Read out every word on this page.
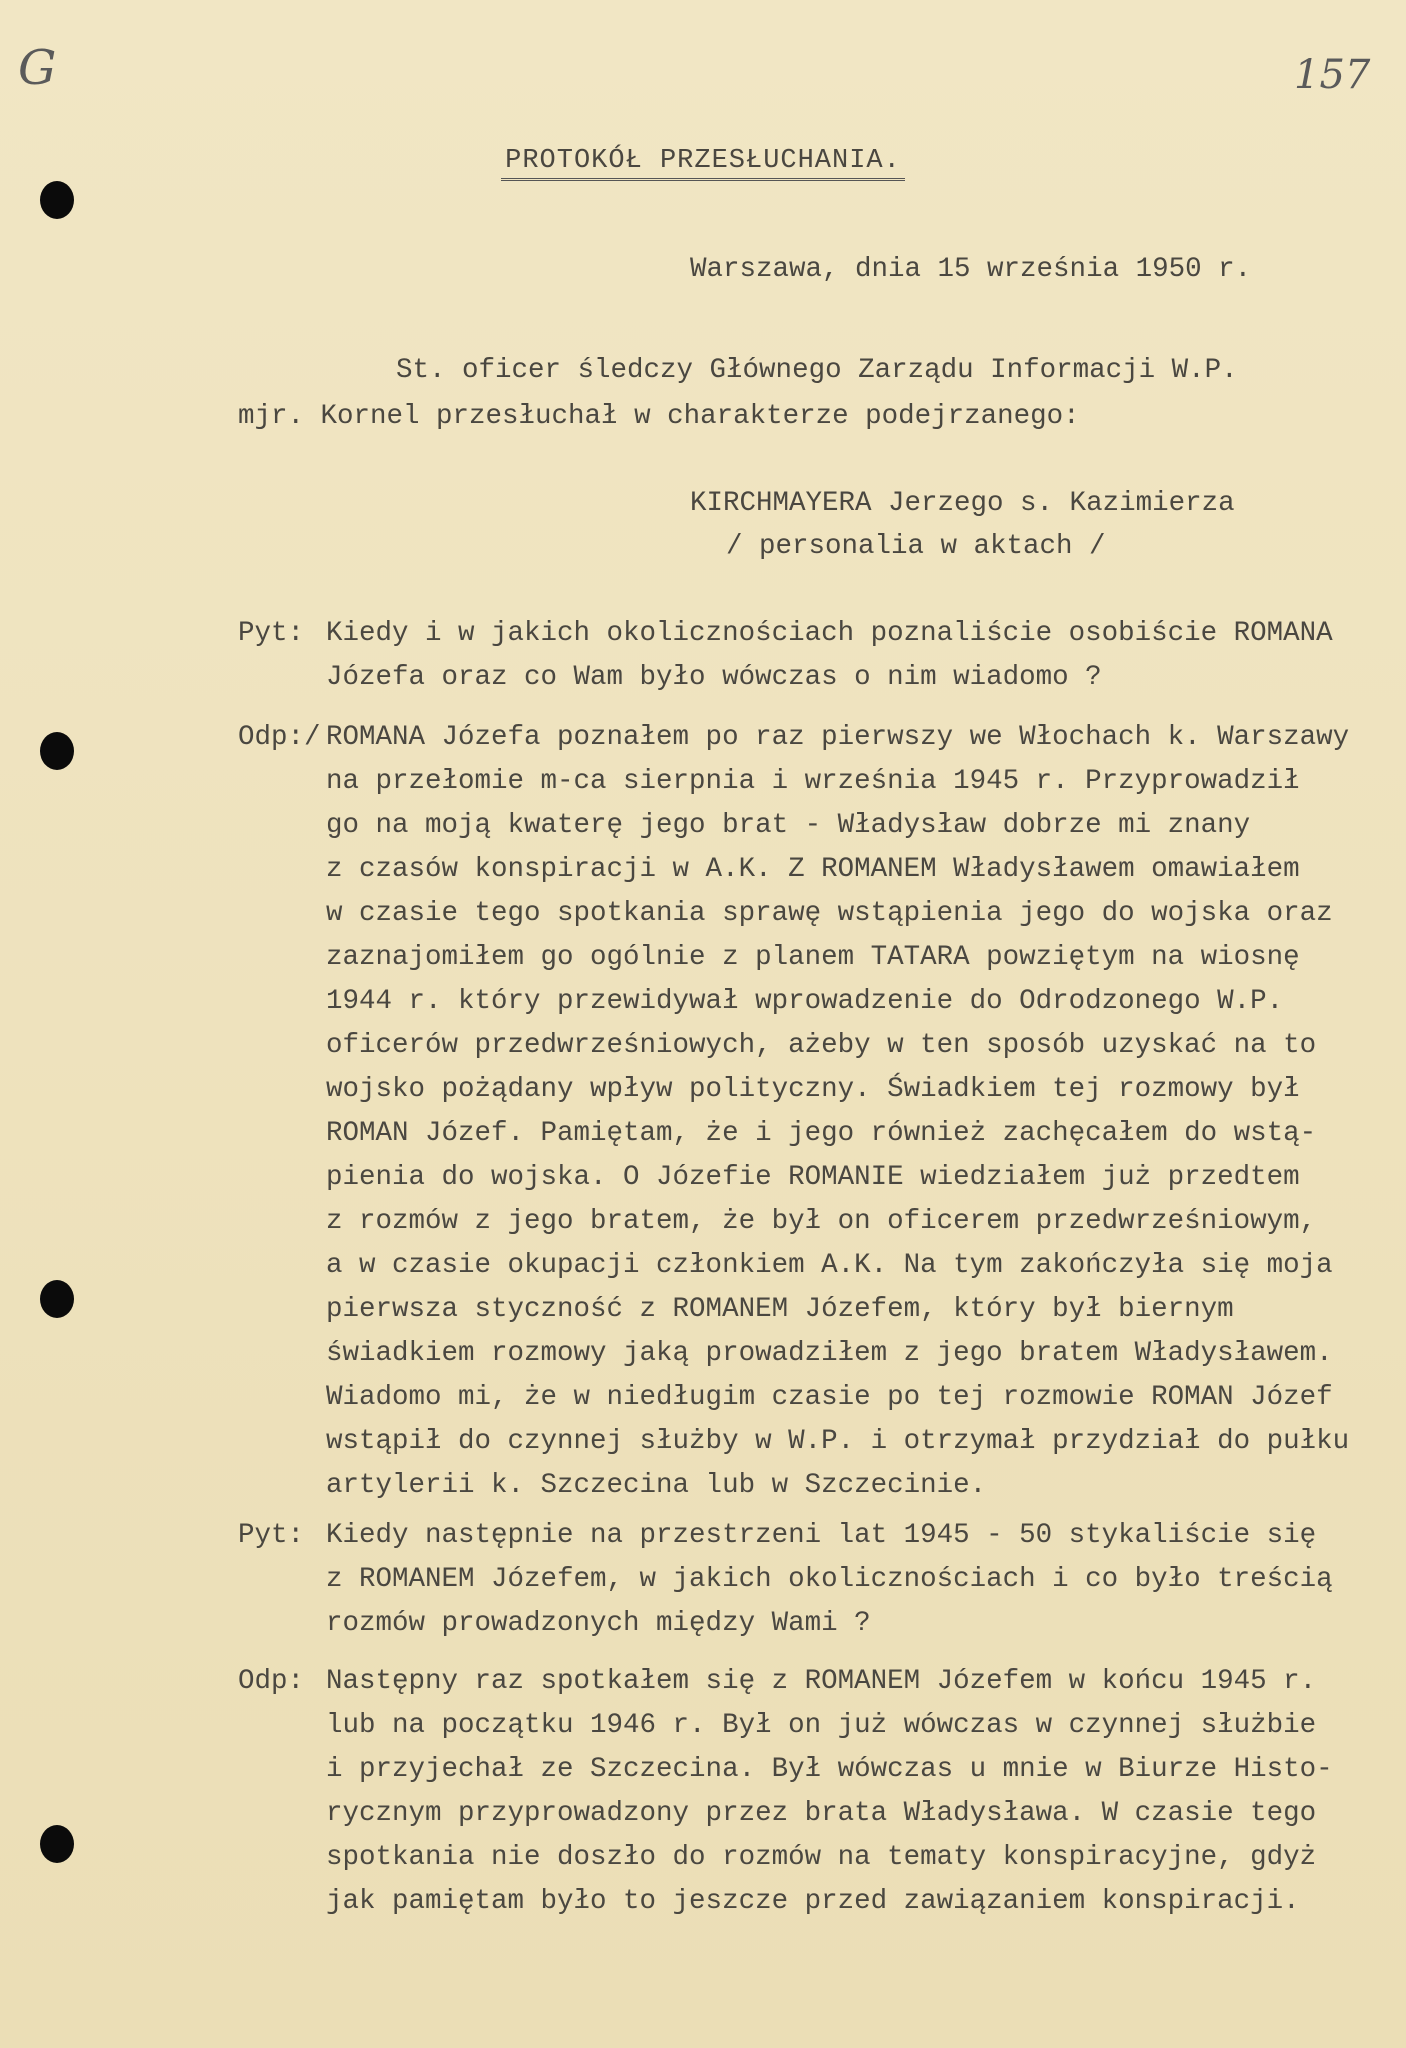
G	157
PROTOKÓŁ PRZESŁUCHANIA.
Warszawa, dnia 15 września 1950 r.
St. oficer śledczy Głównego Zarządu Informacji W.P.
mjr. Kornel przesłuchał w charakterze podejrzanego:
KIRCHMAYERA Jerzego s. Kazimierza
/ personalia w aktach /
Pyt: Kiedy i w jakich okolicznościach poznaliście osobiście ROMANA
Józefa oraz co Wam było wówczas o nim wiadomo ?
Odp:/ ROMANA Józefa poznałem po raz pierwszy we Włochach k. Warszawy
na przełomie m-ca sierpnia i września 1945 r. Przyprowadził
go na moją kwaterę jego brat - Władysław dobrze mi znany
z czasów konspiracji w A.K. Z ROMANEM Władysławem omawiałem
w czasie tego spotkania sprawę wstąpienia jego do wojska oraz
zaznajomiłem go ogólnie z planem TATARA powziętym na wiosnę
1944 r. który przewidywał wprowadzenie do Odrodzonego W.P.
oficerów przedwrześniowych, ażeby w ten sposób uzyskać na to
wojsko pożądany wpływ polityczny. Świadkiem tej rozmowy był
ROMAN Józef. Pamiętam, że i jego również zachęcałem do wstą-
pienia do wojska. O Józefie ROMANIE wiedziałem już przedtem
z rozmów z jego bratem, że był on oficerem przedwrześniowym,
a w czasie okupacji członkiem A.K. Na tym zakończyła się moja
pierwsza styczność z ROMANEM Józefem, który był biernym
świadkiem rozmowy jaką prowadziłem z jego bratem Władysławem.
Wiadomo mi, że w niedługim czasie po tej rozmowie ROMAN Józef
wstąpił do czynnej służby w W.P. i otrzymał przydział do pułku
artylerii k. Szczecina lub w Szczecinie.
Pyt: Kiedy następnie na przestrzeni lat 1945 - 50 stykaliście się
z ROMANEM Józefem, w jakich okolicznościach i co było treścią
rozmów prowadzonych między Wami ?
Odp: Następny raz spotkałem się z ROMANEM Józefem w końcu 1945 r.
lub na początku 1946 r. Był on już wówczas w czynnej służbie
i przyjechał ze Szczecina. Był wówczas u mnie w Biurze Histo-
rycznym przyprowadzony przez brata Władysława. W czasie tego
spotkania nie doszło do rozmów na tematy konspiracyjne, gdyż
jak pamiętam było to jeszcze przed zawiązaniem konspiracji.
